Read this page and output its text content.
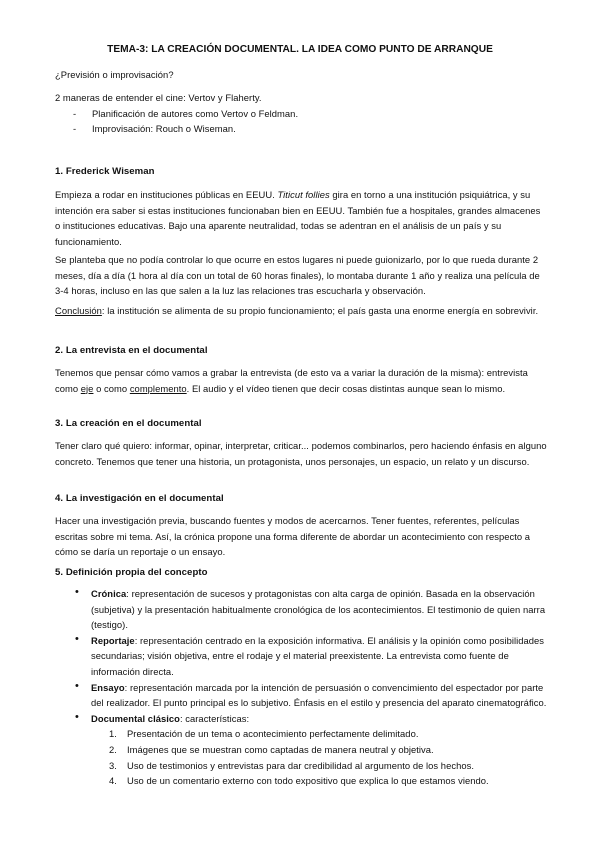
TEMA-3: LA CREACIÓN DOCUMENTAL. LA IDEA COMO PUNTO DE ARRANQUE

¿Previsión o improvisación?

2 maneras de entender el cine: Vertov y Flaherty.

- Planificación de autores como Vertov o Feldman.
- Improvisación: Rouch o Wiseman.
1. Frederick Wiseman

Empieza a rodar en instituciones públicas en EEUU. Titicut follies gira en torno a una institución psiquiátrica, y su intención era saber si estas instituciones funcionaban bien en EEUU. También fue a hospitales, grandes almacenes o instituciones educativas. Bajo una aparente neutralidad, todas se adentran en el análisis de un país y su funcionamiento.

Se planteba que no podía controlar lo que ocurre en estos lugares ni puede guionizarlo, por lo que rueda durante 2 meses, día a día (1 hora al día con un total de 60 horas finales), lo montaba durante 1 año y realiza una película de 3-4 horas, incluso en las que salen a la luz las relaciones tras escucharla y observación.

Conclusión: la institución se alimenta de su propio funcionamiento; el país gasta una enorme energía en sobrevivir.

2. La entrevista en el documental

Tenemos que pensar cómo vamos a grabar la entrevista (de esto va a variar la duración de la misma): entrevista como eje o como complemento. El audio y el vídeo tienen que decir cosas distintas aunque sean lo mismo.

3. La creación en el documental

Tener claro qué quiero: informar, opinar, interpretar, criticar... podemos combinarlos, pero haciendo énfasis en alguno concreto. Tenemos que tener una historia, un protagonista, unos personajes, un espacio, un relato y un discurso.

4. La investigación en el documental

Hacer una investigación previa, buscando fuentes y modos de acercarnos. Tener fuentes, referentes, películas escritas sobre mi tema. Así, la crónica propone una forma diferente de abordar un acontecimiento con respecto a cómo se daría un reportaje o un ensayo.

5. Definición propia del concepto
• Crónica: representación de sucesos y protagonistas con alta carga de opinión. Basada en la observación (subjetiva) y la presentación habitualmente cronológica de los acontecimientos. El testimonio de quien narra (testigo).
• Reportaje: representación centrado en la exposición informativa. El análisis y la opinión como posibilidades secundarias; visión objetiva, entre el rodaje y el material preexistente. La entrevista como fuente de información directa.
• Ensayo: representación marcada por la intención de persuasión o convencimiento del espectador por parte del realizador. El punto principal es lo subjetivo. Énfasis en el estilo y presencia del aparato cinematográfico.
• Documental clásico: características:
1. Presentación de un tema o acontecimiento perfectamente delimitado.
2. Imágenes que se muestran como captadas de manera neutral y objetiva.
3. Uso de testimonios y entrevistas para dar credibilidad al argumento de los hechos.
4. Uso de un comentario externo con todo expositivo que explica lo que estamos viendo.
